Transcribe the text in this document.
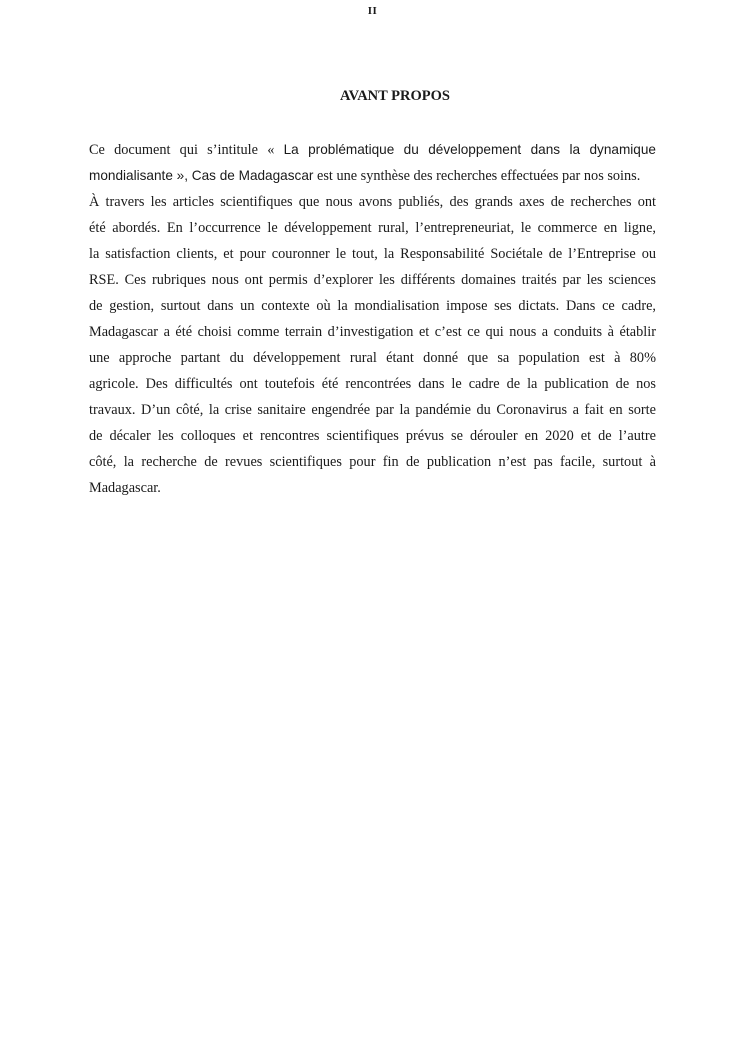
II
AVANT PROPOS
Ce document qui s’intitule « La problématique du développement dans la dynamique
mondialisante », Cas de Madagascar est une synthèse des recherches effectuées par nos soins.
À travers les articles scientifiques que nous avons publiés, des grands axes de recherches ont
été abordés. En l’occurrence le développement rural, l’entrepreneuriat, le commerce en ligne,
la satisfaction clients, et pour couronner le tout, la Responsabilité Sociétale de l’Entreprise ou
RSE. Ces rubriques nous ont permis d’explorer les différents domaines traités par les sciences
de gestion, surtout dans un contexte où la mondialisation impose ses dictats. Dans ce cadre,
Madagascar a été choisi comme terrain d’investigation et c’est ce qui nous a conduits à établir
une approche partant du développement rural étant donné que sa population est à 80%
agricole. Des difficultés ont toutefois été rencontrées dans le cadre de la publication de nos
travaux. D’un côté, la crise sanitaire engendrée par la pandémie du Coronavirus a fait en sorte
de décaler les colloques et rencontres scientifiques prévus se dérouler en 2020 et de l’autre
côté, la recherche de revues scientifiques pour fin de publication n’est pas facile, surtout à
Madagascar.
